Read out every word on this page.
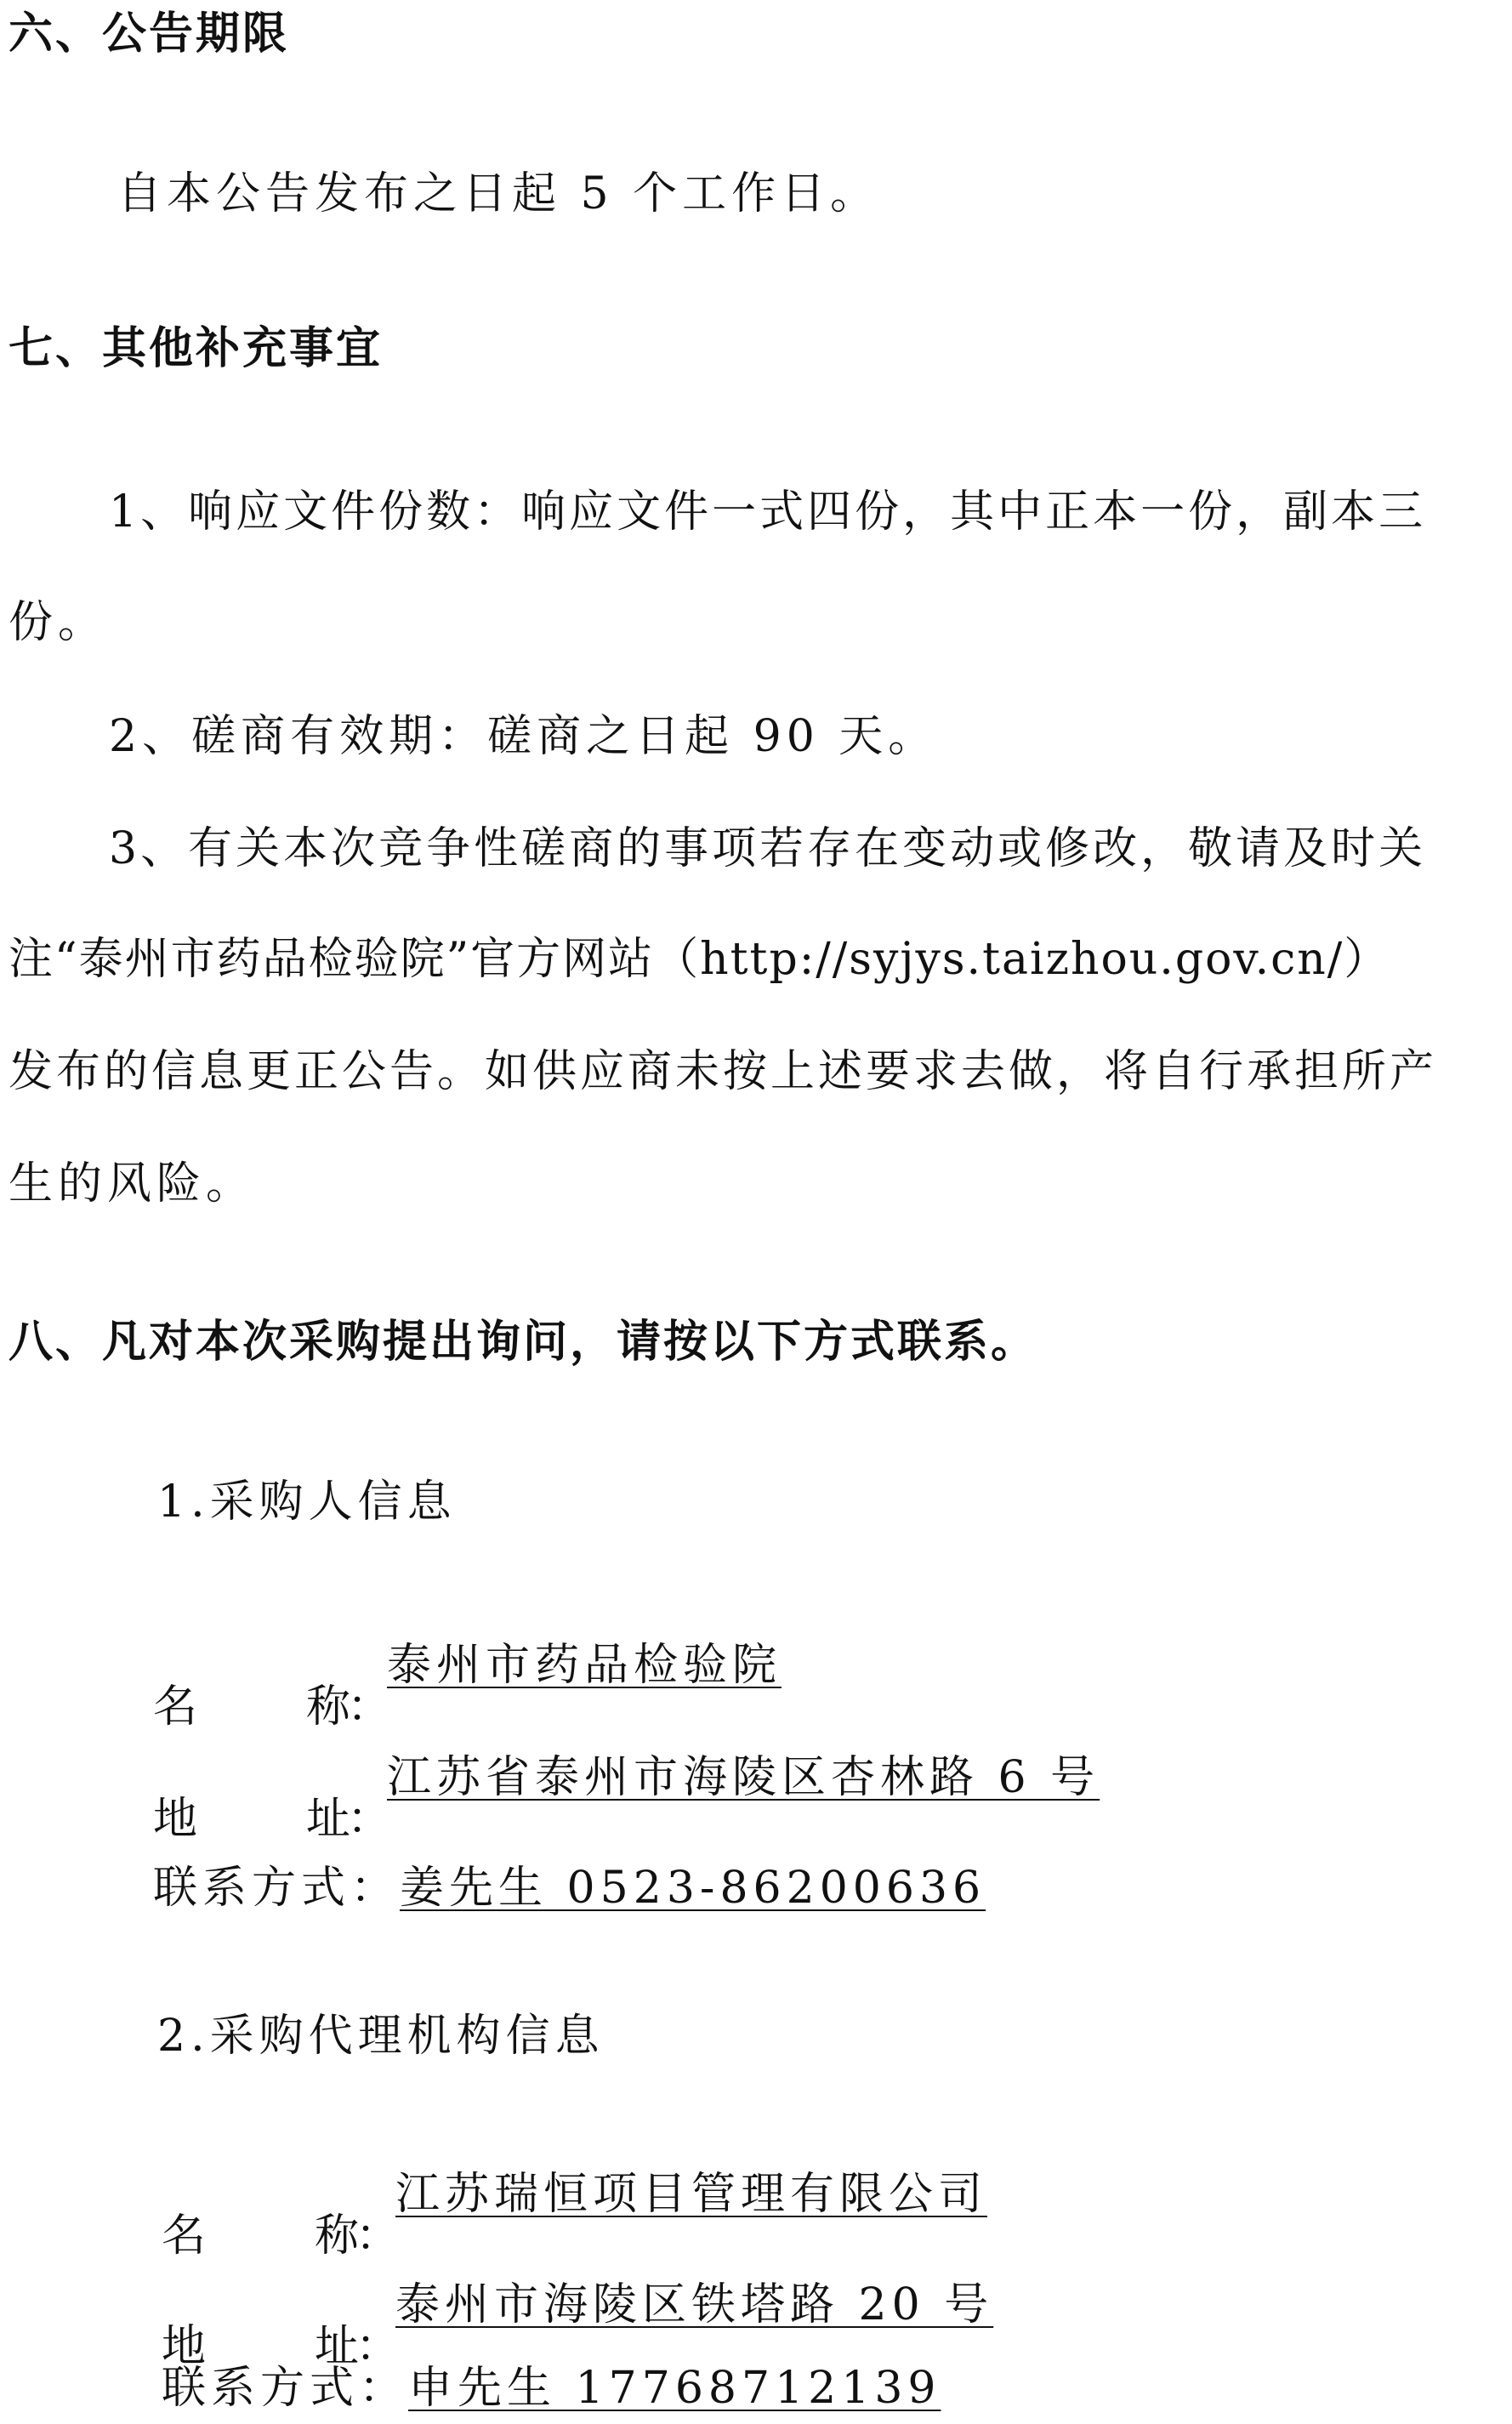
六、公告期限
自本公告发布之日起 5 个工作日。
七、其他补充事宜
1、响应文件份数：响应文件一式四份，其中正本一份，副本三
份。
2、磋商有效期：磋商之日起 90 天。
3、有关本次竞争性磋商的事项若存在变动或修改，敬请及时关
注“泰州市药品检验院”官方网站（http://syjys.taizhou.gov.cn/）
发布的信息更正公告。如供应商未按上述要求去做，将自行承担所产
生的风险。
八、凡对本次采购提出询问，请按以下方式联系。
1.采购人信息
名 称
：
泰州市药品检验院
地 址
：
江苏省泰州市海陵区杏林路 6 号
联系方式 ： 姜先生 0523-86200636
2.采购代理机构信息
名 称
：
江苏瑞恒项目管理有限公司
地 址
：
泰州市海陵区铁塔路 20 号
联系方式 ： 申先生 17768712139
